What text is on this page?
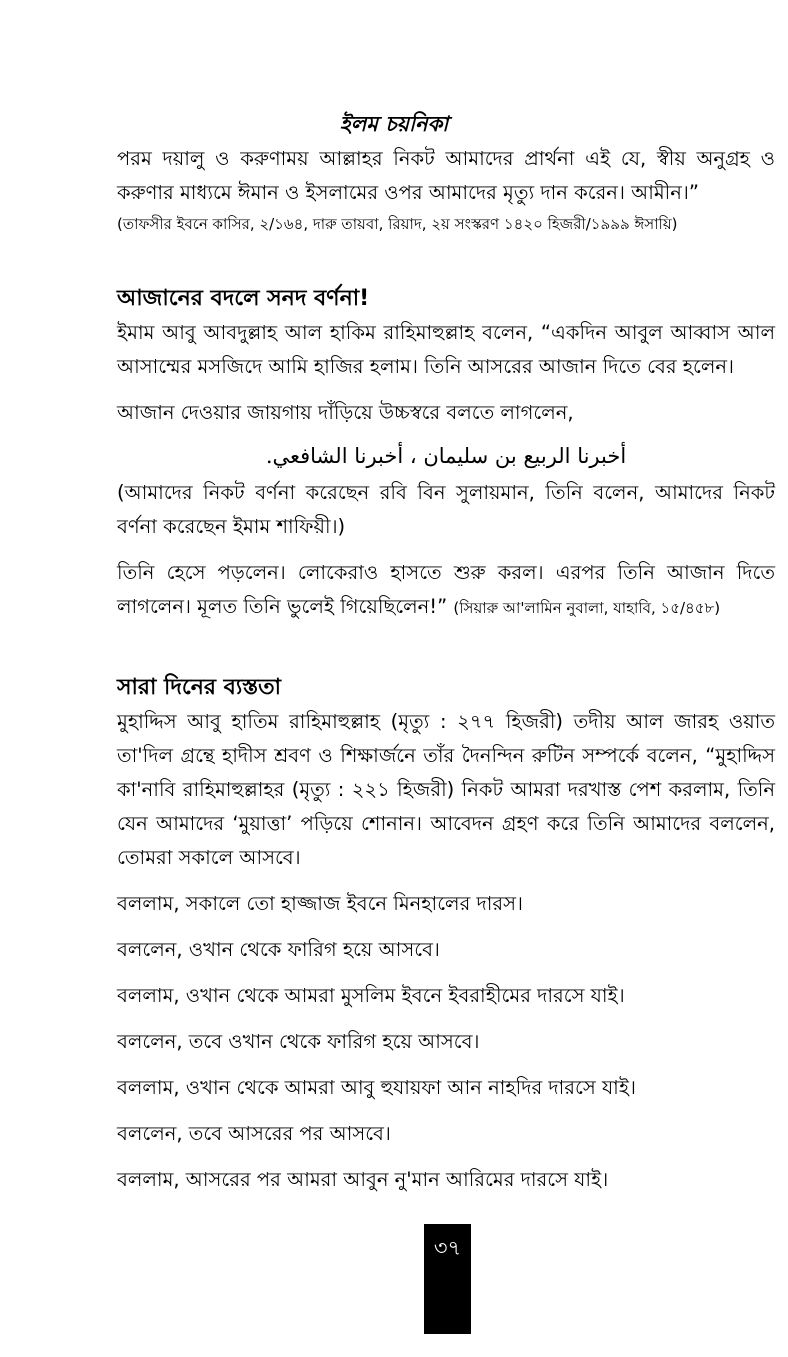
ইলম চয়নিকা

পরম দয়ালু ও করুণাময় আল্লাহর নিকট আমাদের প্রার্থনা এই যে, স্বীয় অনুগ্রহ ও করুণার মাধ্যমে ঈমান ও ইসলামের ওপর আমাদের মৃত্যু দান করেন। আমীন।”

(তাফসীর ইবনে কাসির, ২/১৬৪, দারু তায়বা, রিয়াদ, ২য় সংস্করণ ১৪২০ হিজরী/১৯৯৯ ঈসায়ি)

আজানের বদলে সনদ বর্ণনা!

ইমাম আবু আবদুল্লাহ আল হাকিম রাহিমাহুল্লাহ বলেন, “একদিন আবুল আব্বাস আল আসাম্মের মসজিদে আমি হাজির হলাম। তিনি আসরের আজান দিতে বের হলেন।

আজান দেওয়ার জায়গায় দাঁড়িয়ে উচ্চস্বরে বলতে লাগলেন,

أخبرنا الربيع بن سليمان ، أخبرنا الشافعي.

(আমাদের নিকট বর্ণনা করেছেন রবি বিন সুলায়মান, তিনি বলেন, আমাদের নিকট বর্ণনা করেছেন ইমাম শাফিয়ী।)

তিনি হেসে পড়লেন। লোকেরাও হাসতে শুরু করল। এরপর তিনি আজান দিতে লাগলেন। মূলত তিনি ভুলেই গিয়েছিলেন!” (সিয়ারু আ'লামিন নুবালা, যাহাবি, ১৫/৪৫৮)

সারা দিনের ব্যস্ততা

মুহাদ্দিস আবু হাতিম রাহিমাহুল্লাহ (মৃত্যু : ২৭৭ হিজরী) তদীয় আল জারহ ওয়াত তা'দিল গ্রন্থে হাদীস শ্রবণ ও শিক্ষার্জনে তাঁর দৈনন্দিন রুটিন সম্পর্কে বলেন, “মুহাদ্দিস কা'নাবি রাহিমাহুল্লাহর (মৃত্যু : ২২১ হিজরী) নিকট আমরা দরখাস্ত পেশ করলাম, তিনি যেন আমাদের ‘মুয়াত্তা’ পড়িয়ে শোনান। আবেদন গ্রহণ করে তিনি আমাদের বললেন, তোমরা সকালে আসবে।

বললাম, সকালে তো হাজ্জাজ ইবনে মিনহালের দারস।

বললেন, ওখান থেকে ফারিগ হয়ে আসবে।

বললাম, ওখান থেকে আমরা মুসলিম ইবনে ইবরাহীমের দারসে যাই।

বললেন, তবে ওখান থেকে ফারিগ হয়ে আসবে।

বললাম, ওখান থেকে আমরা আবু হুযায়ফা আন নাহদির দারসে যাই।

বললেন, তবে আসরের পর আসবে।

বললাম, আসরের পর আমরা আবুন নু'মান আরিমের দারসে যাই।

৩৭
